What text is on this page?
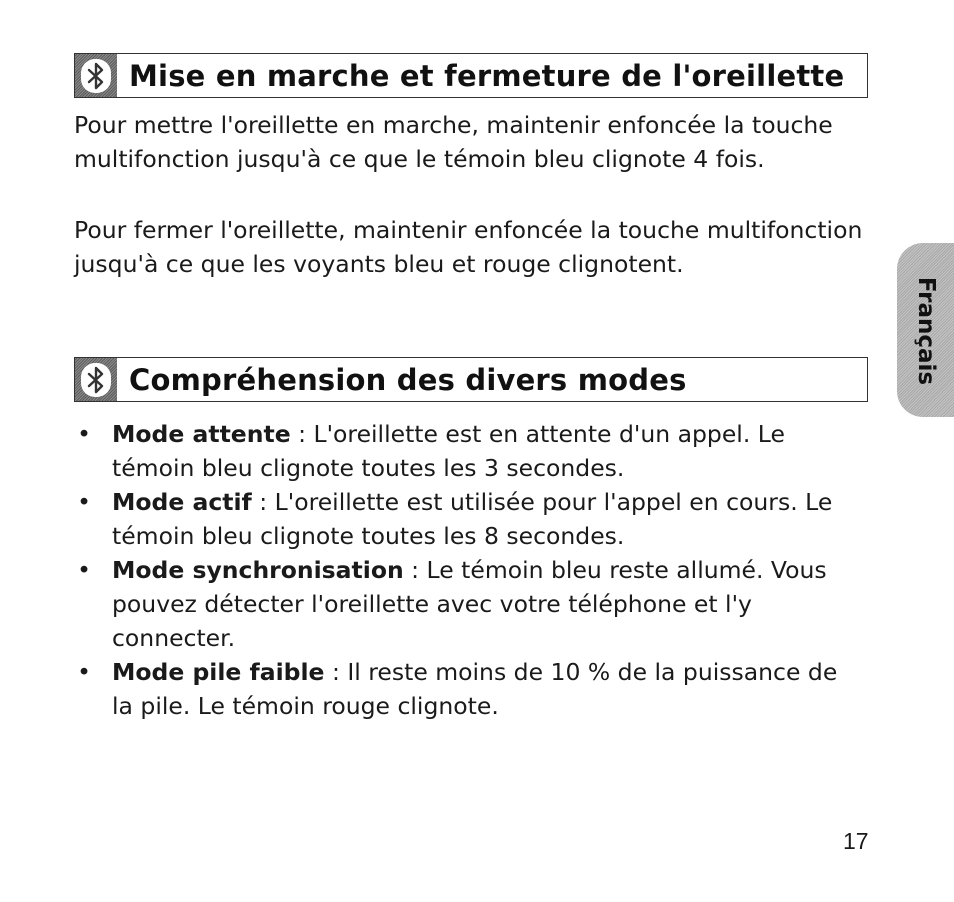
Mise en marche et fermeture de l'oreillette

Pour mettre l'oreillette en marche, maintenir enfoncée la touche multifonction jusqu'à ce que le témoin bleu clignote 4 fois.

Pour fermer l'oreillette, maintenir enfoncée la touche multifonction jusqu'à ce que les voyants bleu et rouge clignotent.

Compréhension des divers modes
• Mode attente : L'oreillette est en attente d'un appel. Le témoin bleu clignote toutes les 3 secondes.
• Mode actif : L'oreillette est utilisée pour l'appel en cours. Le témoin bleu clignote toutes les 8 secondes.
• Mode synchronisation : Le témoin bleu reste allumé. Vous pouvez détecter l'oreillette avec votre téléphone et l'y connecter.
• Mode pile faible : Il reste moins de 10 % de la puissance de la pile. Le témoin rouge clignote.
Français
17
